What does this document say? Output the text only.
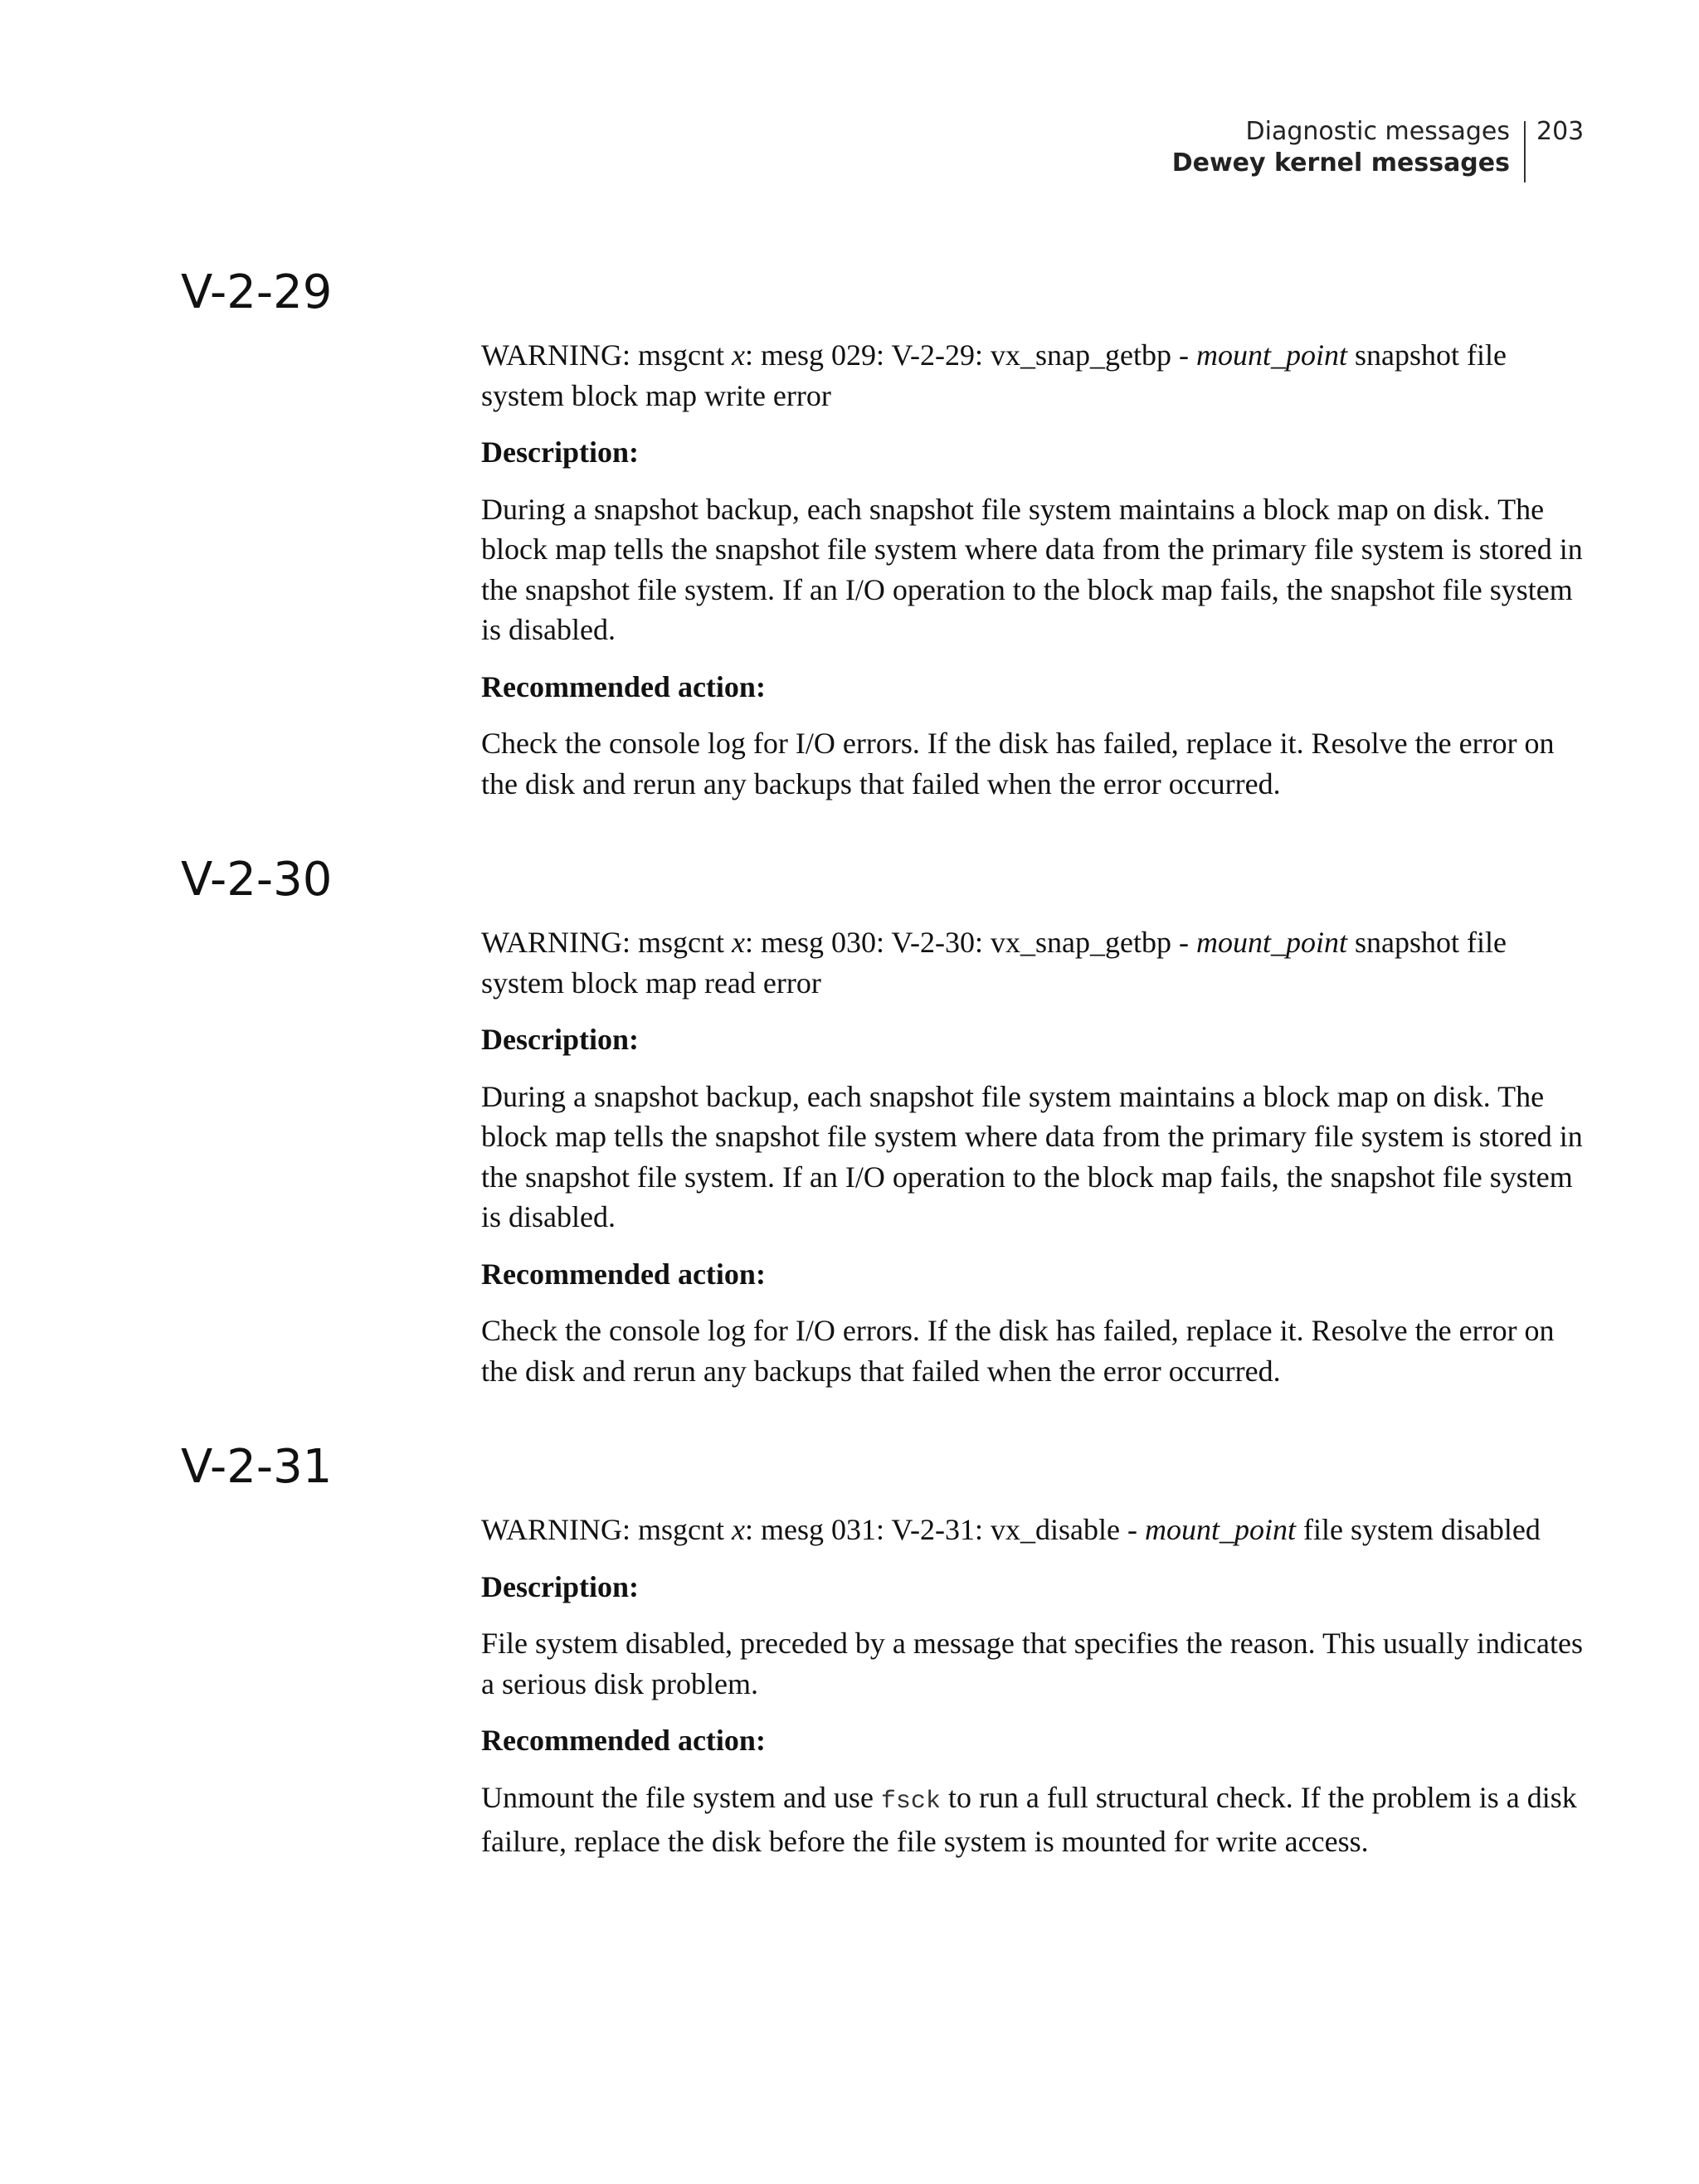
Diagnostic messages
Dewey kernel messages
203
V-2-29

WARNING: msgcnt x: mesg 029: V-2-29: vx_snap_getbp - mount_point snapshot file system block map write error

Description:

During a snapshot backup, each snapshot file system maintains a block map on disk. The block map tells the snapshot file system where data from the primary file system is stored in the snapshot file system. If an I/O operation to the block map fails, the snapshot file system is disabled.

Recommended action:

Check the console log for I/O errors. If the disk has failed, replace it. Resolve the error on the disk and rerun any backups that failed when the error occurred.

V-2-30

WARNING: msgcnt x: mesg 030: V-2-30: vx_snap_getbp - mount_point snapshot file system block map read error

Description:

During a snapshot backup, each snapshot file system maintains a block map on disk. The block map tells the snapshot file system where data from the primary file system is stored in the snapshot file system. If an I/O operation to the block map fails, the snapshot file system is disabled.

Recommended action:

Check the console log for I/O errors. If the disk has failed, replace it. Resolve the error on the disk and rerun any backups that failed when the error occurred.

V-2-31

WARNING: msgcnt x: mesg 031: V-2-31: vx_disable - mount_point file system disabled

Description:

File system disabled, preceded by a message that specifies the reason. This usually indicates a serious disk problem.

Recommended action:

Unmount the file system and use fsck to run a full structural check. If the problem is a disk failure, replace the disk before the file system is mounted for write access.
